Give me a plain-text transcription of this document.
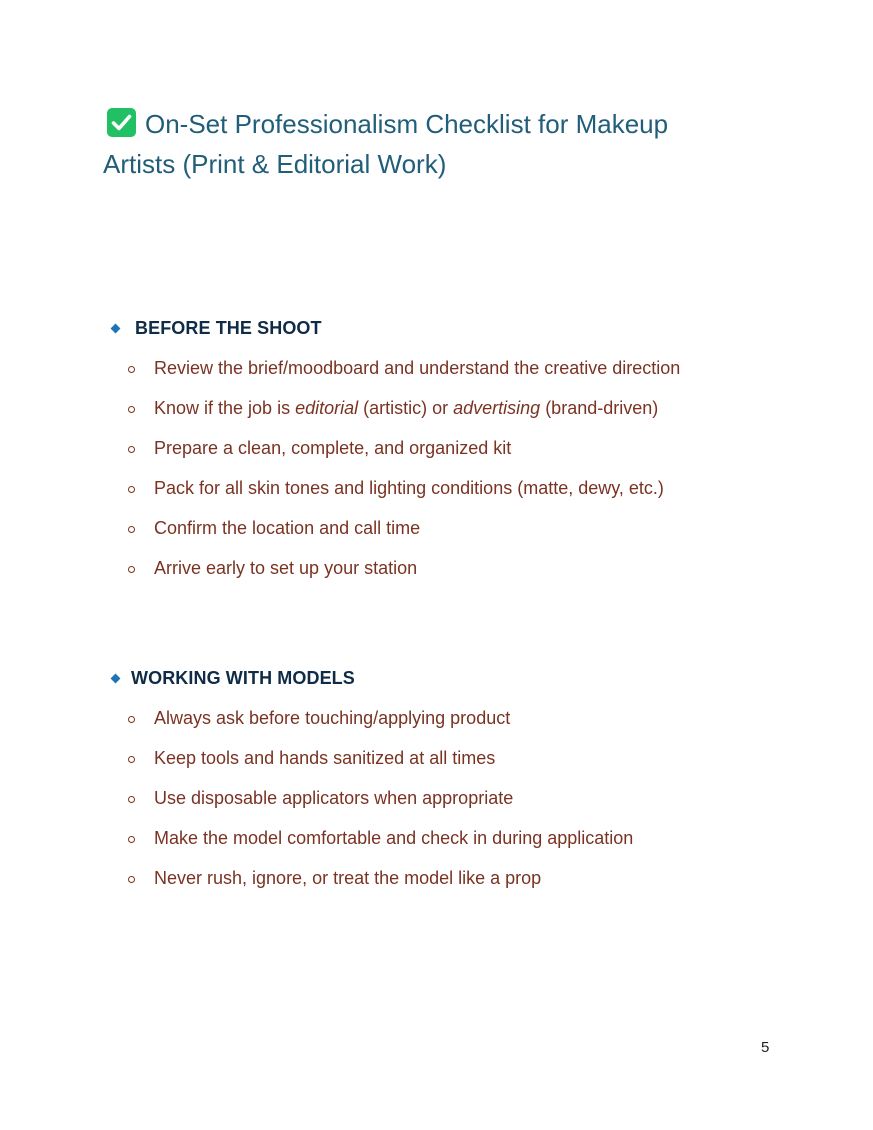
On-Set Professionalism Checklist for Makeup
Artists (Print & Editorial Work)
BEFORE THE SHOOT
Review the brief/moodboard and understand the creative direction
Know if the job is editorial (artistic) or advertising (brand-driven)
Prepare a clean, complete, and organized kit
Pack for all skin tones and lighting conditions (matte, dewy, etc.)
Confirm the location and call time
Arrive early to set up your station
WORKING WITH MODELS
Always ask before touching/applying product
Keep tools and hands sanitized at all times
Use disposable applicators when appropriate
Make the model comfortable and check in during application
Never rush, ignore, or treat the model like a prop
5
